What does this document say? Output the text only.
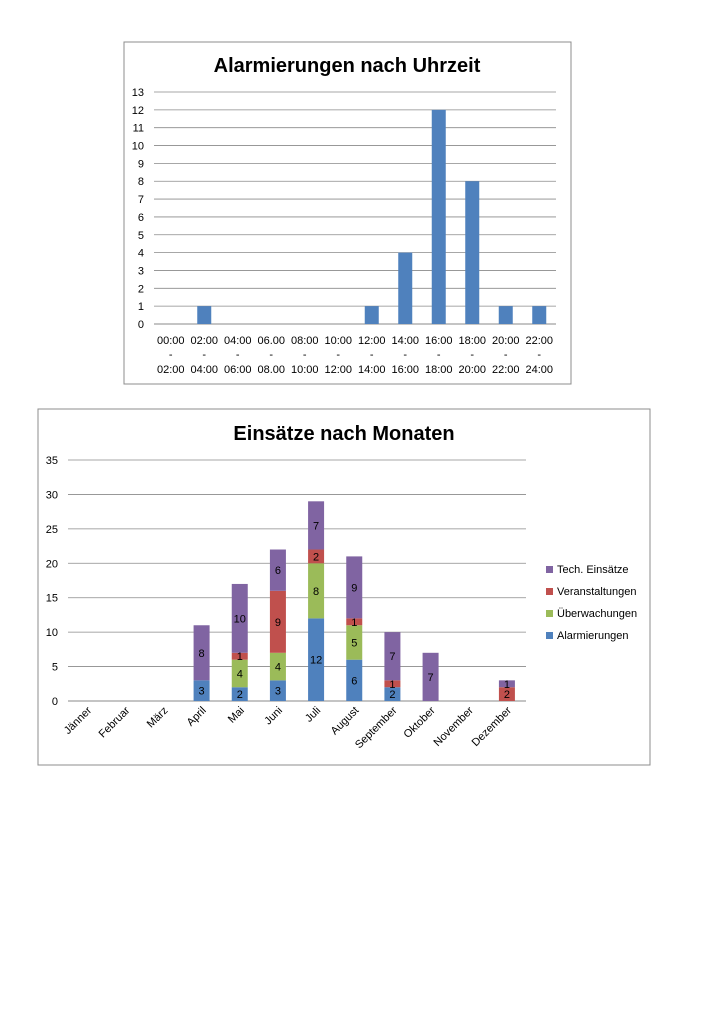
Alarmierungen nach Uhrzeit
0
1
2
3
4
5
6
7
8
9
10
11
12
13
00:00
-
02:00
02:00
-
04:00
04:00
-
06:00
06.00
-
08.00
08:00
-
10:00
10:00
-
12:00
12:00
-
14:00
14:00
-
16:00
16:00
-
18:00
18:00
-
20:00
20:00
-
22:00
22:00
-
24:00
Einsätze nach Monaten
3
8
2
4
1
10
3
4
9
6
12
8
2
7
6
5
1
9
2
1
7
7
2
1
0
5
10
15
20
25
30
35
Jänner Februar März April Mai Juni Juli August
September Oktober
November
Dezember
Tech. Einsätze
Veranstaltungen
Überwachungen
Alarmierungen
